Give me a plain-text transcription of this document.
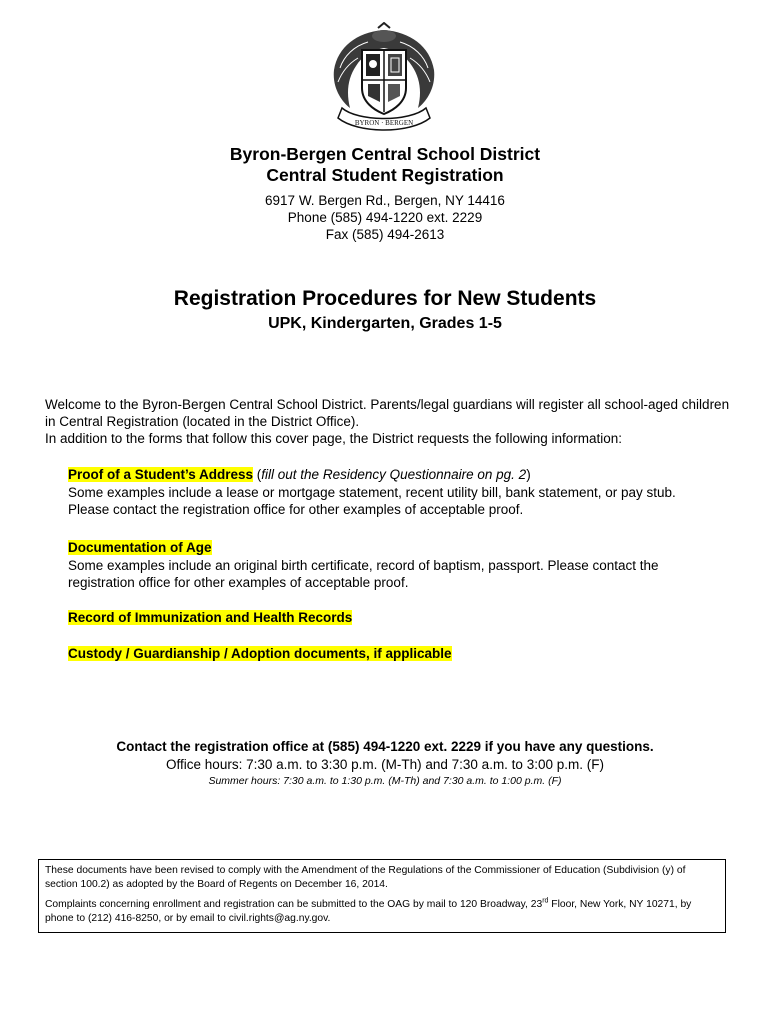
BYRON · BERGEN
Byron-Bergen Central School District
Central Student Registration
6917 W. Bergen Rd., Bergen, NY 14416
Phone (585) 494-1220 ext. 2229
Fax (585) 494-2613
Registration Procedures for New Students
UPK, Kindergarten, Grades 1-5

Welcome to the Byron-Bergen Central School District. Parents/legal guardians will register all school-aged children in Central Registration (located in the District Office).

In addition to the forms that follow this cover page, the District requests the following information:

Proof of a Student’s Address (fill out the Residency Questionnaire on pg. 2)

Some examples include a lease or mortgage statement, recent utility bill, bank statement, or pay stub. Please contact the registration office for other examples of acceptable proof.

Documentation of Age

Some examples include an original birth certificate, record of baptism, passport. Please contact the registration office for other examples of acceptable proof.

Record of Immunization and Health Records

Custody / Guardianship / Adoption documents, if applicable

Contact the registration office at (585) 494-1220 ext. 2229 if you have any questions.
Office hours: 7:30 a.m. to 3:30 p.m. (M-Th) and 7:30 a.m. to 3:00 p.m. (F)
Summer hours: 7:30 a.m. to 1:30 p.m. (M-Th) and 7:30 a.m. to 1:00 p.m. (F)

These documents have been revised to comply with the Amendment of the Regulations of the Commissioner of Education (Subdivision (y) of section 100.2) as adopted by the Board of Regents on December 16, 2014.

Complaints concerning enrollment and registration can be submitted to the OAG by mail to 120 Broadway, 23rd Floor, New York, NY 10271, by phone to (212) 416-8250, or by email to civil.rights@ag.ny.gov.
